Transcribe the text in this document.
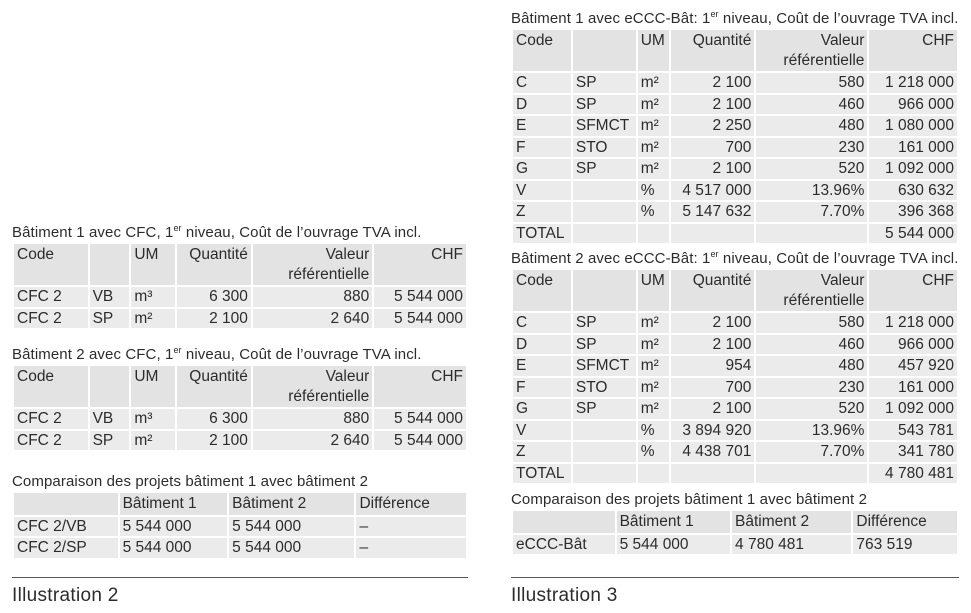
Bâtiment 1 avec CFC, 1er niveau, Coût de l’ouvrage TVA incl.
Code		UM	Quantité	Valeur référentielle	CHF
CFC 2	VB	m³	6 300	880	5 544 000
CFC 2	SP	m²	2 100	2 640	5 544 000
Bâtiment 2 avec CFC, 1er niveau, Coût de l’ouvrage TVA incl.
Code		UM	Quantité	Valeur référentielle	CHF
CFC 2	VB	m³	6 300	880	5 544 000
CFC 2	SP	m²	2 100	2 640	5 544 000
Comparaison des projets bâtiment 1 avec bâtiment 2
	Bâtiment 1	Bâtiment 2	Différence
CFC 2/VB	5 544 000	5 544 000	–
CFC 2/SP	5 544 000	5 544 000	–
Illustration 2
Bâtiment 1 avec eCCC-Bât: 1er niveau, Coût de l’ouvrage TVA incl.
Code		UM	Quantité	Valeur référentielle	CHF
C	SP	m²	2 100	580	1 218 000
D	SP	m²	2 100	460	966 000
E	SFMCT	m²	2 250	480	1 080 000
F	STO	m²	700	230	161 000
G	SP	m²	2 100	520	1 092 000
V		%	4 517 000	13.96%	630 632
Z		%	5 147 632	7.70%	396 368
TOTAL					5 544 000
Bâtiment 2 avec eCCC-Bât: 1er niveau, Coût de l’ouvrage TVA incl.
Code		UM	Quantité	Valeur référentielle	CHF
C	SP	m²	2 100	580	1 218 000
D	SP	m²	2 100	460	966 000
E	SFMCT	m²	954	480	457 920
F	STO	m²	700	230	161 000
G	SP	m²	2 100	520	1 092 000
V		%	3 894 920	13.96%	543 781
Z		%	4 438 701	7.70%	341 780
TOTAL					4 780 481
Comparaison des projets bâtiment 1 avec bâtiment 2
	Bâtiment 1	Bâtiment 2	Différence
eCCC-Bât	5 544 000	4 780 481	763 519
Illustration 3
